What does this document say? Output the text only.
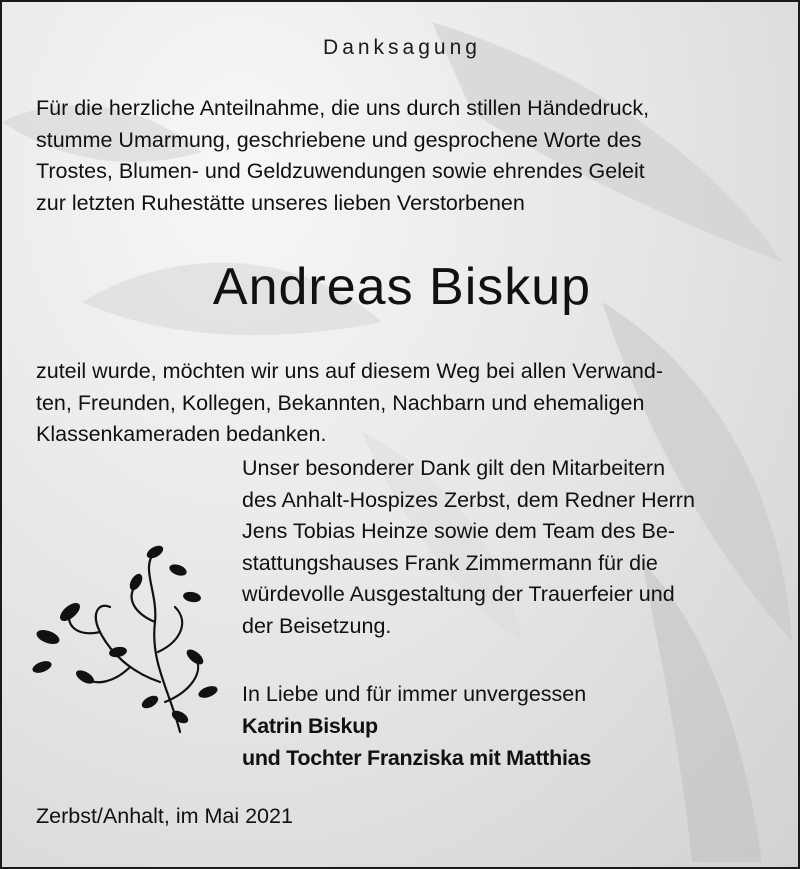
Danksagung
Für die herzliche Anteilnahme, die uns durch stillen Händedruck,
stumme Umarmung, geschriebene und gesprochene Worte des
Trostes, Blumen- und Geldzuwendungen sowie ehrendes Geleit
zur letzten Ruhestätte unseres lieben Verstorbenen
Andreas Biskup
zuteil wurde, möchten wir uns auf diesem Weg bei allen Verwand-
ten, Freunden, Kollegen, Bekannten, Nachbarn und ehemaligen
Klassenkameraden bedanken.
Unser besonderer Dank gilt den Mitarbeitern
des Anhalt-Hospizes Zerbst, dem Redner Herrn
Jens Tobias Heinze sowie dem Team des Be-
stattungshauses Frank Zimmermann für die
würdevolle Ausgestaltung der Trauerfeier und
der Beisetzung.
In Liebe und für immer unvergessen
Katrin Biskup
und Tochter Franziska mit Matthias
Zerbst/Anhalt, im Mai 2021
